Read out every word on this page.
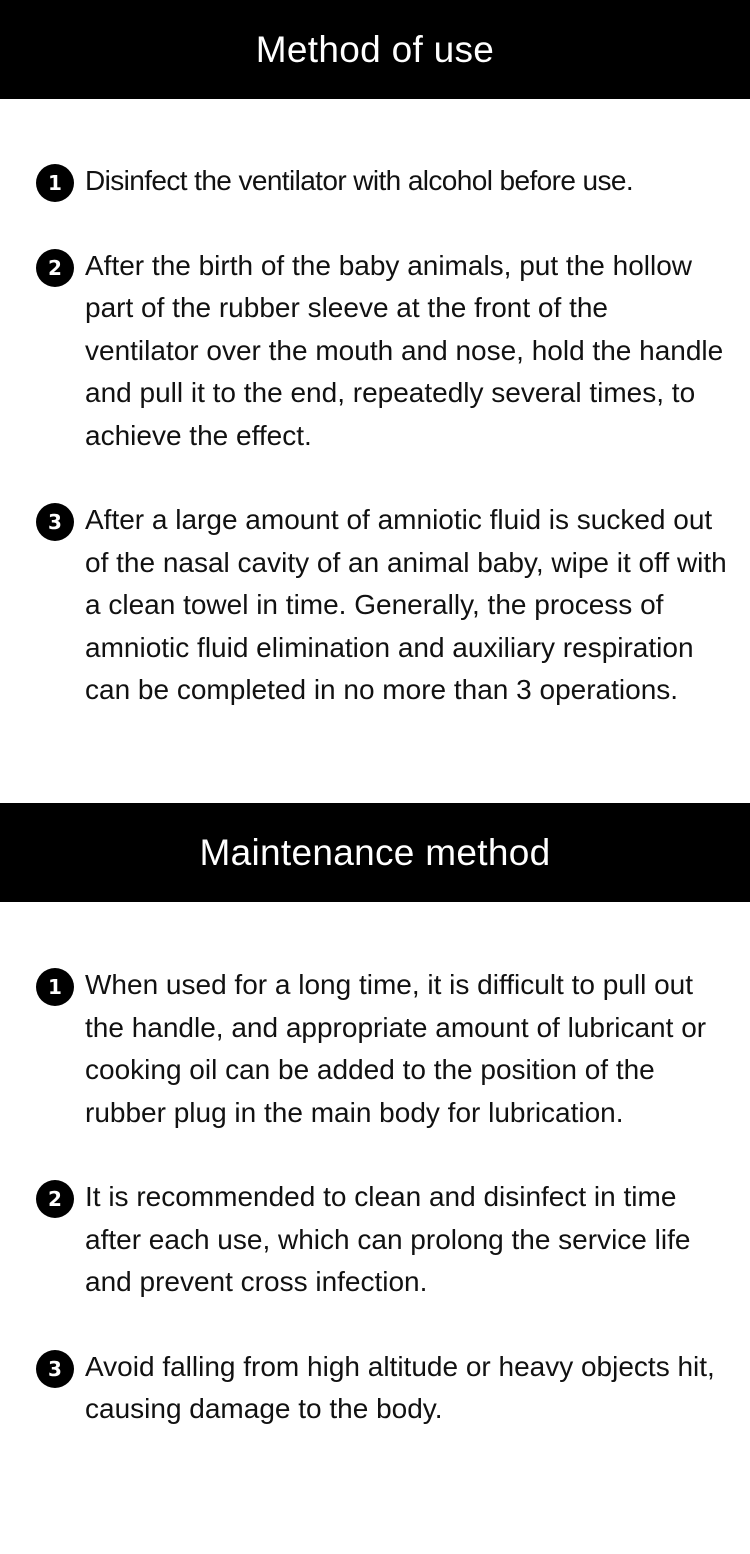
Method of use
1 Disinfect the ventilator with alcohol before use.
2 After the birth of the baby animals, put the hollow part of the rubber sleeve at the front of the ventilator over the mouth and nose, hold the handle and pull it to the end, repeatedly several times, to achieve the effect.
3 After a large amount of amniotic fluid is sucked out of the nasal cavity of an animal baby, wipe it off with a clean towel in time. Generally, the process of amniotic fluid elimination and auxiliary respiration can be completed in no more than 3 operations.
Maintenance method
1 When used for a long time, it is difficult to pull out the handle, and appropriate amount of lubricant or cooking oil can be added to the position of the rubber plug in the main body for lubrication.
2 It is recommended to clean and disinfect in time after each use, which can prolong the service life and prevent cross infection.
3 Avoid falling from high altitude or heavy objects hit, causing damage to the body.
